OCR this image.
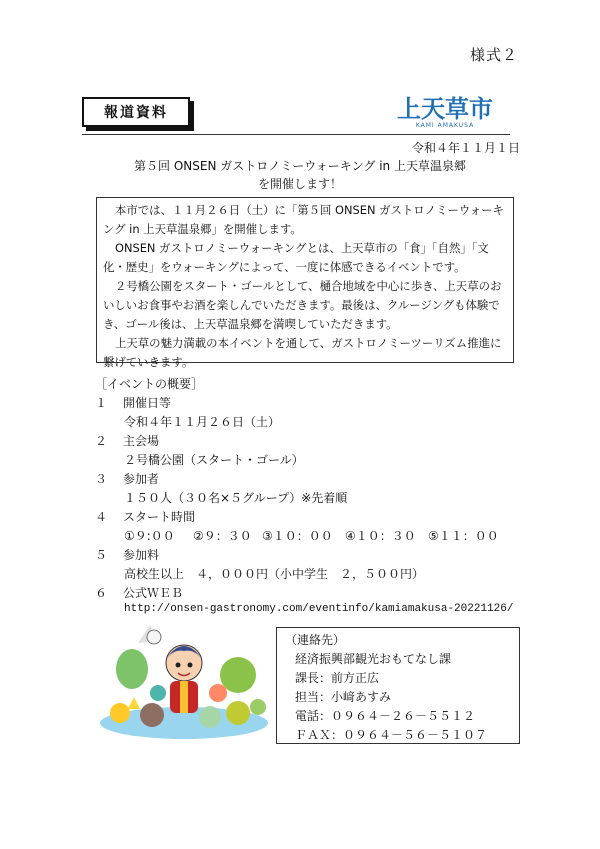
様式２
報道資料	上天草市
KAMI AMAKUSA
令和４年１１月１日
第５回 ONSEN ガストロノミーウォーキング in 上天草温泉郷
を開催します！

本市では、１１月２６日（土）に「第５回 ONSEN ガストロノミーウォーキング in 上天草温泉郷」を開催します。

ONSEN ガストロノミーウォーキングとは、上天草市の「食」「自然」「文化・歴史」をウォーキングによって、一度に体感できるイベントです。

２号橋公園をスタート・ゴールとして、樋合地域を中心に歩き、上天草のおいしいお食事やお酒を楽しんでいただきます。最後は、クルージングも体験でき、ゴール後は、上天草温泉郷を満喫していただきます。

上天草の魅力満載の本イベントを通して、ガストロノミーツーリズム推進に繋げていきます。

［イベントの概要］
１ 開催日等
令和４年１１月２６日（土）
２ 主会場
２号橋公園（スタート・ゴール）
３ 参加者
１５０人（３０名×５グループ）※先着順
４ スタート時間
①９:００ ②９：３０ ③１０：００ ④１０：３０ ⑤１１：００
５ 参加料
高校生以上　４，０００円（小中学生　２，５００円）
６ 公式ＷＥＢ
http://onsen-gastronomy.com/eventinfo/kamiamakusa-20221126/
（連絡先）
経済振興部観光おもてなし課
課長：前方正広
担当：小﨑あすみ
電話：０９６４－２６－５５１２
ＦＡＸ：０９６４－５６－５１０７
